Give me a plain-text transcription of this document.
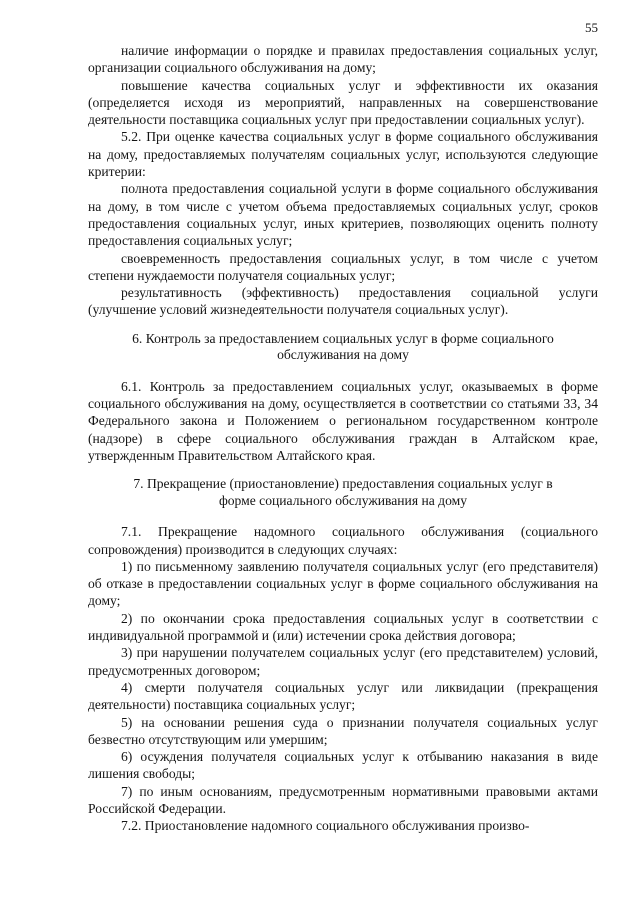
55

наличие информации о порядке и правилах предоставления социальных услуг, организации социального обслуживания на дому;

повышение качества социальных услуг и эффективности их оказания (определяется исходя из мероприятий, направленных на совершенствование деятельности поставщика социальных услуг при предоставлении социальных услуг).

5.2. При оценке качества социальных услуг в форме социального обслуживания на дому, предоставляемых получателям социальных услуг, используются следующие критерии:

полнота предоставления социальной услуги в форме социального обслуживания на дому, в том числе с учетом объема предоставляемых социальных услуг, сроков предоставления социальных услуг, иных критериев, позволяющих оценить полноту предоставления социальных услуг;

своевременность предоставления социальных услуг, в том числе с учетом степени нуждаемости получателя социальных услуг;

результативность (эффективность) предоставления социальной услуги (улучшение условий жизнедеятельности получателя социальных услуг).

6. Контроль за предоставлением социальных услуг в форме социального обслуживания на дому

6.1. Контроль за предоставлением социальных услуг, оказываемых в форме социального обслуживания на дому, осуществляется в соответствии со статьями 33, 34 Федерального закона и Положением о региональном государственном контроле (надзоре) в сфере социального обслуживания граждан в Алтайском крае, утвержденным Правительством Алтайского края.

7. Прекращение (приостановление) предоставления социальных услуг в форме социального обслуживания на дому

7.1. Прекращение надомного социального обслуживания (социального сопровождения) производится в следующих случаях:

1) по письменному заявлению получателя социальных услуг (его представителя) об отказе в предоставлении социальных услуг в форме социального обслуживания на дому;

2) по окончании срока предоставления социальных услуг в соответствии с индивидуальной программой и (или) истечении срока действия договора;

3) при нарушении получателем социальных услуг (его представителем) условий, предусмотренных договором;

4) смерти получателя социальных услуг или ликвидации (прекращения деятельности) поставщика социальных услуг;

5) на основании решения суда о признании получателя социальных услуг безвестно отсутствующим или умершим;

6) осуждения получателя социальных услуг к отбыванию наказания в виде лишения свободы;

7) по иным основаниям, предусмотренным нормативными правовыми актами Российской Федерации.

7.2. Приостановление надомного социального обслуживания произво-
